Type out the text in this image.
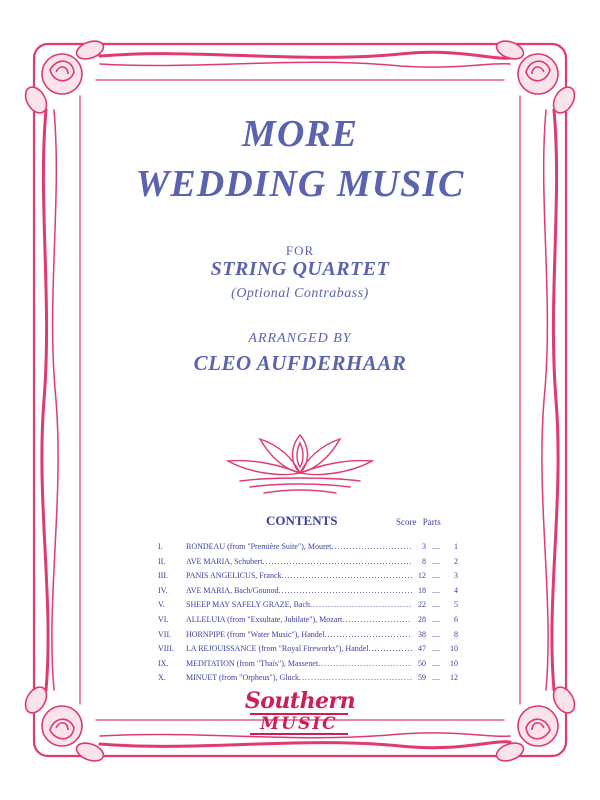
MORE
WEDDING MUSIC
FOR
STRING QUARTET
(Optional Contrabass)
ARRANGED BY
CLEO AUFDERHAAR
CONTENTS	Score Parts
I.	RONDEAU (from "Première Suite"), Mouret .....	3 ....	1
II.	AVE MARIA, Schubert .....	8 ....	2
III.	PANIS ANGELICUS, Franck .....	12 ....	3
IV.	AVE MARIA, Bach/Gounod .....	18 ....	4
V.	SHEEP MAY SAFELY GRAZE, Bach .....	22 ....	5
VI.	ALLELUIA (from "Exsultate, Jubilate"), Mozart .....	28 ....	6
VII.	HORNPIPE (from "Water Music"), Handel .....	38 ....	8
VIII.	LA REJOUISSANCE (from "Royal Fireworks"), Handel .....	47 ....	10
IX.	MEDITATION (from "Thaïs"), Massenet .....	50 ....	10
X.	MINUET (from "Orpheus"), Gluck .....	59 ....	12
Southern
MUSIC
